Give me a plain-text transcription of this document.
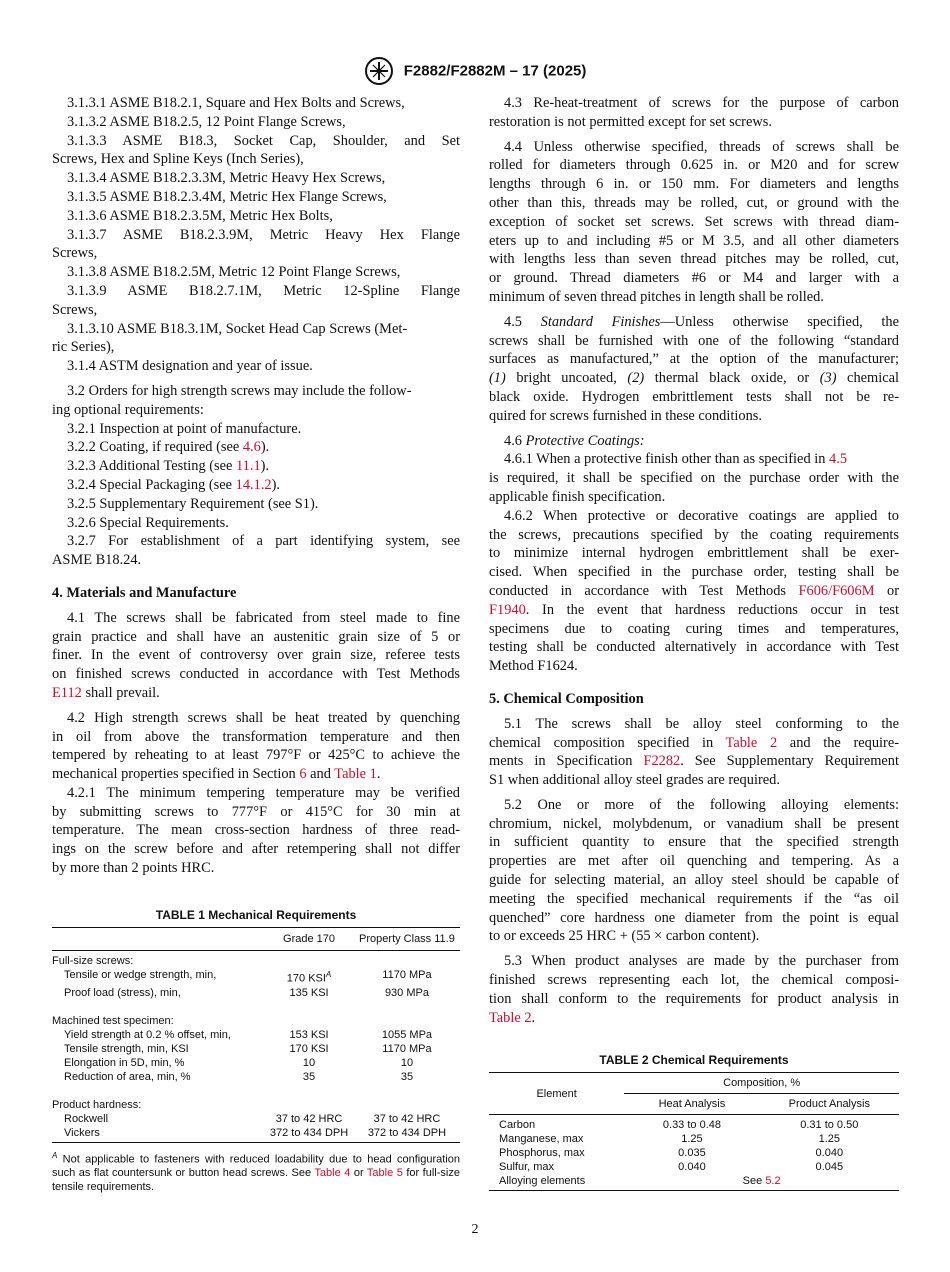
F2882/F2882M – 17 (2025)
3.1.3.1 ASME B18.2.1, Square and Hex Bolts and Screws,
3.1.3.2 ASME B18.2.5, 12 Point Flange Screws,
3.1.3.3 ASME B18.3, Socket Cap, Shoulder, and Set
Screws, Hex and Spline Keys (Inch Series),
3.1.3.4 ASME B18.2.3.3M, Metric Heavy Hex Screws,
3.1.3.5 ASME B18.2.3.4M, Metric Hex Flange Screws,
3.1.3.6 ASME B18.2.3.5M, Metric Hex Bolts,
3.1.3.7 ASME B18.2.3.9M, Metric Heavy Hex Flange
Screws,
3.1.3.8 ASME B18.2.5M, Metric 12 Point Flange Screws,
3.1.3.9 ASME B18.2.7.1M, Metric 12-Spline Flange
Screws,
3.1.3.10 ASME B18.3.1M, Socket Head Cap Screws (Met-
ric Series),
3.1.4 ASTM designation and year of issue.
3.2 Orders for high strength screws may include the follow-
ing optional requirements:
3.2.1 Inspection at point of manufacture.
3.2.2 Coating, if required (see 4.6).
3.2.3 Additional Testing (see 11.1).
3.2.4 Special Packaging (see 14.1.2).
3.2.5 Supplementary Requirement (see S1).
3.2.6 Special Requirements.
3.2.7 For establishment of a part identifying system, see
ASME B18.24.
4. Materials and Manufacture
4.1 The screws shall be fabricated from steel made to fine
grain practice and shall have an austenitic grain size of 5 or
finer. In the event of controversy over grain size, referee tests
on finished screws conducted in accordance with Test Methods
E112 shall prevail.
4.2 High strength screws shall be heat treated by quenching
in oil from above the transformation temperature and then
tempered by reheating to at least 797°F or 425°C to achieve the
mechanical properties specified in Section 6 and Table 1.
4.2.1 The minimum tempering temperature may be verified
by submitting screws to 777°F or 415°C for 30 min at
temperature. The mean cross-section hardness of three read-
ings on the screw before and after retempering shall not differ
by more than 2 points HRC.
TABLE 1 Mechanical Requirements
	Grade 170	Property Class 11.9
Full-size screws:		
Tensile or wedge strength, min,	170 $KSI^A$	1170 MPa
Proof load (stress), min,	135 KSI	930 MPa
Machined test specimen:		
Yield strength at 0.2 % offset, min,	153 KSI	1055 MPa
Tensile strength, min, KSI	170 KSI	1170 MPa
Elongation in 5D, min, %	10	10
Reduction of area, min, %	35	35
Product hardness:		
Rockwell	37 to 42 HRC	37 to 42 HRC
Vickers	372 to 434 DPH	372 to 434 DPH
$^A$ Not applicable to fasteners with reduced loadability due to head configuration such as flat countersunk or button head screws. See Table 4 or Table 5 for full-size tensile requirements.
4.3 Re-heat-treatment of screws for the purpose of carbon
restoration is not permitted except for set screws.
4.4 Unless otherwise specified, threads of screws shall be
rolled for diameters through 0.625 in. or M20 and for screw
lengths through 6 in. or 150 mm. For diameters and lengths
other than this, threads may be rolled, cut, or ground with the
exception of socket set screws. Set screws with thread diam-
eters up to and including #5 or M 3.5, and all other diameters
with lengths less than seven thread pitches may be rolled, cut,
or ground. Thread diameters #6 or M4 and larger with a
minimum of seven thread pitches in length shall be rolled.
4.5 Standard Finishes—Unless otherwise specified, the
screws shall be furnished with one of the following “standard
surfaces as manufactured,” at the option of the manufacturer;
(1) bright uncoated, (2) thermal black oxide, or (3) chemical
black oxide. Hydrogen embrittlement tests shall not be re-
quired for screws furnished in these conditions.
4.6 Protective Coatings:
4.6.1 When a protective finish other than as specified in 4.5
is required, it shall be specified on the purchase order with the
applicable finish specification.
4.6.2 When protective or decorative coatings are applied to
the screws, precautions specified by the coating requirements
to minimize internal hydrogen embrittlement shall be exer-
cised. When specified in the purchase order, testing shall be
conducted in accordance with Test Methods F606/F606M or
F1940. In the event that hardness reductions occur in test
specimens due to coating curing times and temperatures,
testing shall be conducted alternatively in accordance with Test
Method F1624.
5. Chemical Composition
5.1 The screws shall be alloy steel conforming to the
chemical composition specified in Table 2 and the require-
ments in Specification F2282. See Supplementary Requirement
S1 when additional alloy steel grades are required.
5.2 One or more of the following alloying elements:
chromium, nickel, molybdenum, or vanadium shall be present
in sufficient quantity to ensure that the specified strength
properties are met after oil quenching and tempering. As a
guide for selecting material, an alloy steel should be capable of
meeting the specified mechanical requirements if the “as oil
quenched” core hardness one diameter from the point is equal
to or exceeds 25 HRC + (55 × carbon content).
5.3 When product analyses are made by the purchaser from
finished screws representing each lot, the chemical composi-
tion shall conform to the requirements for product analysis in
Table 2.
TABLE 2 Chemical Requirements
Element	Composition, %	
	Heat Analysis	Product Analysis
Carbon	0.33 to 0.48	0.31 to 0.50
Manganese, max	1.25	1.25
Phosphorus, max	0.035	0.040
Sulfur, max	0.040	0.045
Alloying elements	See 5.2	
2
